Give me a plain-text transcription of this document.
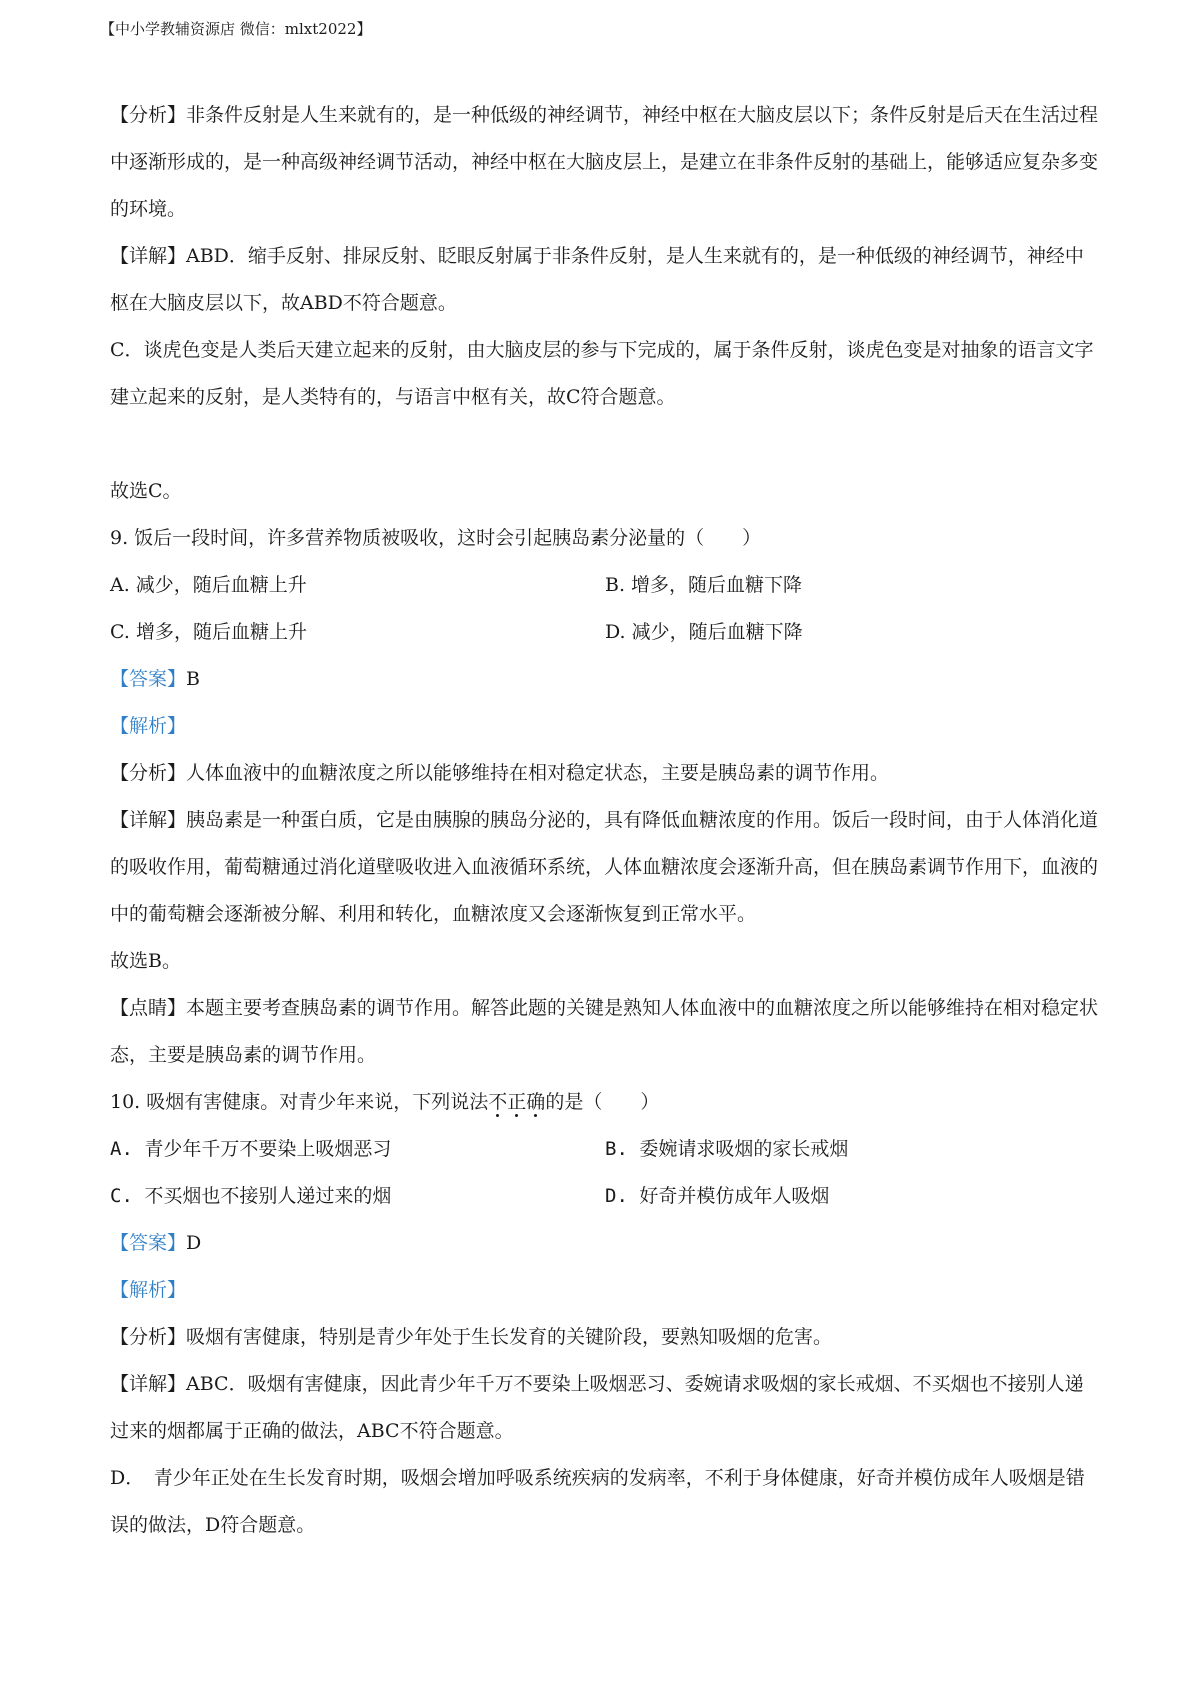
【中小学教辅资源店 微信：mlxt2022】

【分析】非条件反射是人生来就有的，是一种低级的神经调节，神经中枢在大脑皮层以下；条件反射是后天在生活过程中逐渐形成的，是一种高级神经调节活动，神经中枢在大脑皮层上，是建立在非条件反射的基础上，能够适应复杂多变的环境。

【详解】ABD．缩手反射、排尿反射、眨眼反射属于非条件反射，是人生来就有的，是一种低级的神经调节，神经中枢在大脑皮层以下，故ABD不符合题意。

C．谈虎色变是人类后天建立起来的反射，由大脑皮层的参与下完成的，属于条件反射，谈虎色变是对抽象的语言文字建立起来的反射，是人类特有的，与语言中枢有关，故C符合题意。

故选C。

9. 饭后一段时间，许多营养物质被吸收，这时会引起胰岛素分泌量的（　　）

A. 减少，随后血糖上升	B. 增多，随后血糖下降

C. 增多，随后血糖上升	D. 减少，随后血糖下降

【答案】B

【解析】

【分析】人体血液中的血糖浓度之所以能够维持在相对稳定状态，主要是胰岛素的调节作用。

【详解】胰岛素是一种蛋白质，它是由胰腺的胰岛分泌的，具有降低血糖浓度的作用。饭后一段时间，由于人体消化道的吸收作用，葡萄糖通过消化道壁吸收进入血液循环系统，人体血糖浓度会逐渐升高，但在胰岛素调节作用下，血液的中的葡萄糖会逐渐被分解、利用和转化，血糖浓度又会逐渐恢复到正常水平。

故选B。

【点睛】本题主要考查胰岛素的调节作用。解答此题的关键是熟知人体血液中的血糖浓度之所以能够维持在相对稳定状态，主要是胰岛素的调节作用。

10. 吸烟有害健康。对青少年来说，下列说法不正确的是（　　）

A. 青少年千万不要染上吸烟恶习	B. 委婉请求吸烟的家长戒烟

C. 不买烟也不接别人递过来的烟	D. 好奇并模仿成年人吸烟

【答案】D

【解析】

【分析】吸烟有害健康，特别是青少年处于生长发育的关键阶段，要熟知吸烟的危害。

【详解】ABC．吸烟有害健康，因此青少年千万不要染上吸烟恶习、委婉请求吸烟的家长戒烟、不买烟也不接别人递过来的烟都属于正确的做法，ABC不符合题意。

D．　青少年正处在生长发育时期，吸烟会增加呼吸系统疾病的发病率，不利于身体健康，好奇并模仿成年人吸烟是错误的做法，D符合题意。
